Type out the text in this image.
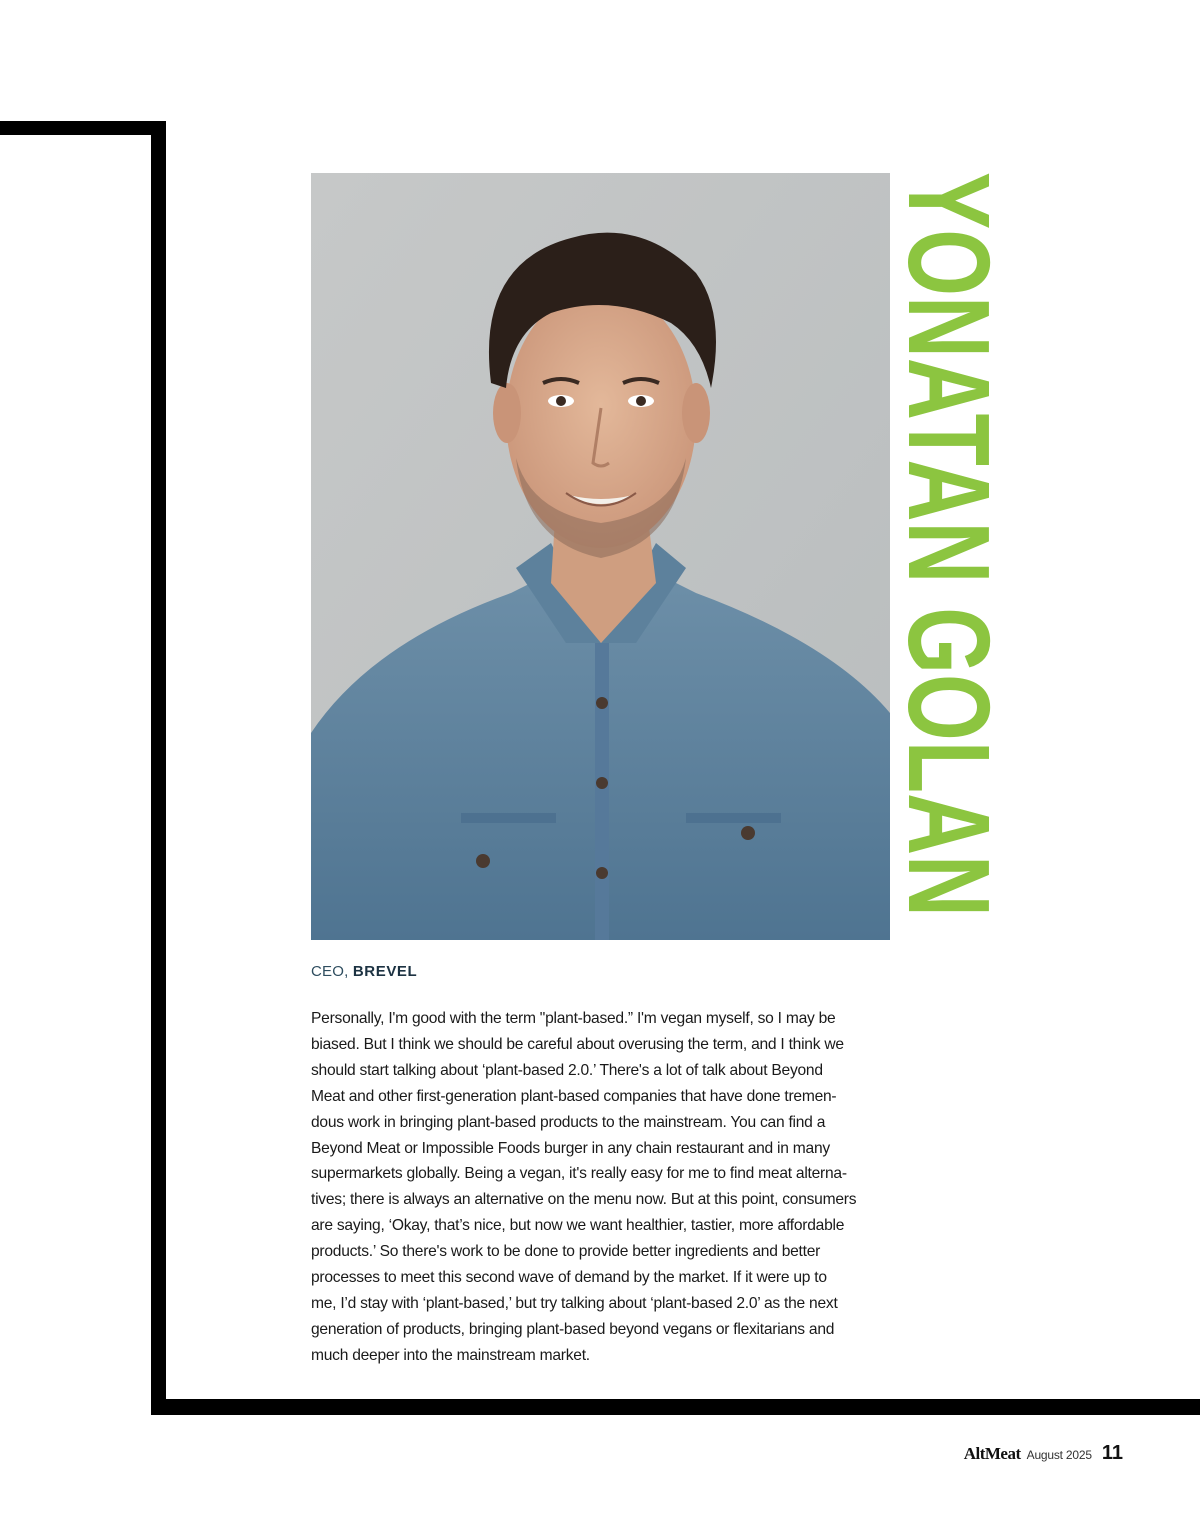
YONATAN GOLAN
CEO, BREVEL

Personally, I'm good with the term "plant-based.” I'm vegan myself, so I may be
biased. But I think we should be careful about overusing the term, and I think we
should start talking about ‘plant-based 2.0.’ There's a lot of talk about Beyond
Meat and other first-generation plant-based companies that have done tremen-
dous work in bringing plant-based products to the mainstream. You can find a
Beyond Meat or Impossible Foods burger in any chain restaurant and in many
supermarkets globally. Being a vegan, it's really easy for me to find meat alterna-
tives; there is always an alternative on the menu now. But at this point, consumers
are saying, ‘Okay, that’s nice, but now we want healthier, tastier, more affordable
products.’ So there's work to be done to provide better ingredients and better
processes to meet this second wave of demand by the market. If it were up to
me, I’d stay with ‘plant-based,’ but try talking about ‘plant-based 2.0’ as the next
generation of products, bringing plant-based beyond vegans or flexitarians and
much deeper into the mainstream market.

AltMeat August 2025 11
